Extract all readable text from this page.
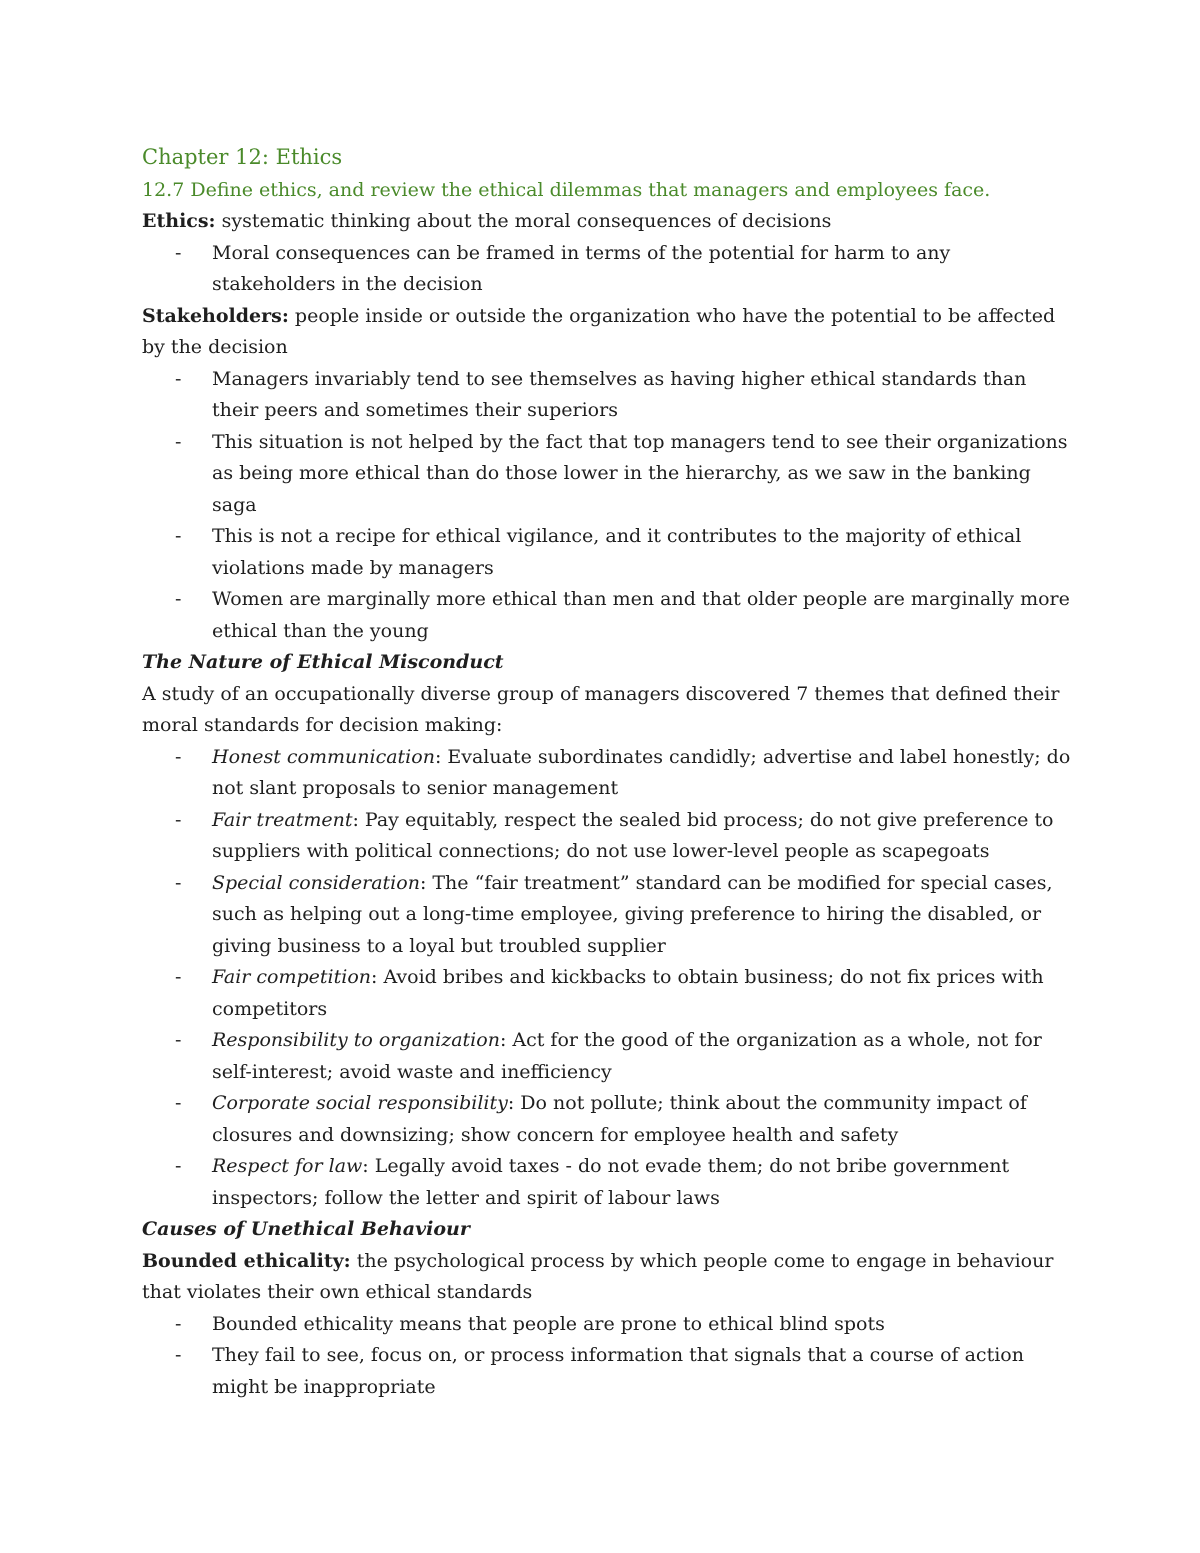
Chapter 12: Ethics

12.7 Define ethics, and review the ethical dilemmas that managers and employees face.

Ethics: systematic thinking about the moral consequences of decisions

- Moral consequences can be framed in terms of the potential for harm to any stakeholders in the decision

Stakeholders: people inside or outside the organization who have the potential to be affected by the decision

- Managers invariably tend to see themselves as having higher ethical standards than their peers and sometimes their superiors
- This situation is not helped by the fact that top managers tend to see their organizations as being more ethical than do those lower in the hierarchy, as we saw in the banking saga
- This is not a recipe for ethical vigilance, and it contributes to the majority of ethical violations made by managers
- Women are marginally more ethical than men and that older people are marginally more ethical than the young

The Nature of Ethical Misconduct

A study of an occupationally diverse group of managers discovered 7 themes that defined their moral standards for decision making:

- Honest communication: Evaluate subordinates candidly; advertise and label honestly; do not slant proposals to senior management
- Fair treatment: Pay equitably, respect the sealed bid process; do not give preference to suppliers with political connections; do not use lower-level people as scapegoats
- Special consideration: The “fair treatment” standard can be modified for special cases, such as helping out a long-time employee, giving preference to hiring the disabled, or giving business to a loyal but troubled supplier
- Fair competition: Avoid bribes and kickbacks to obtain business; do not fix prices with competitors
- Responsibility to organization: Act for the good of the organization as a whole, not for self-interest; avoid waste and inefficiency
- Corporate social responsibility: Do not pollute; think about the community impact of closures and downsizing; show concern for employee health and safety
- Respect for law: Legally avoid taxes - do not evade them; do not bribe government inspectors; follow the letter and spirit of labour laws

Causes of Unethical Behaviour

Bounded ethicality: the psychological process by which people come to engage in behaviour that violates their own ethical standards

- Bounded ethicality means that people are prone to ethical blind spots
- They fail to see, focus on, or process information that signals that a course of action might be inappropriate
